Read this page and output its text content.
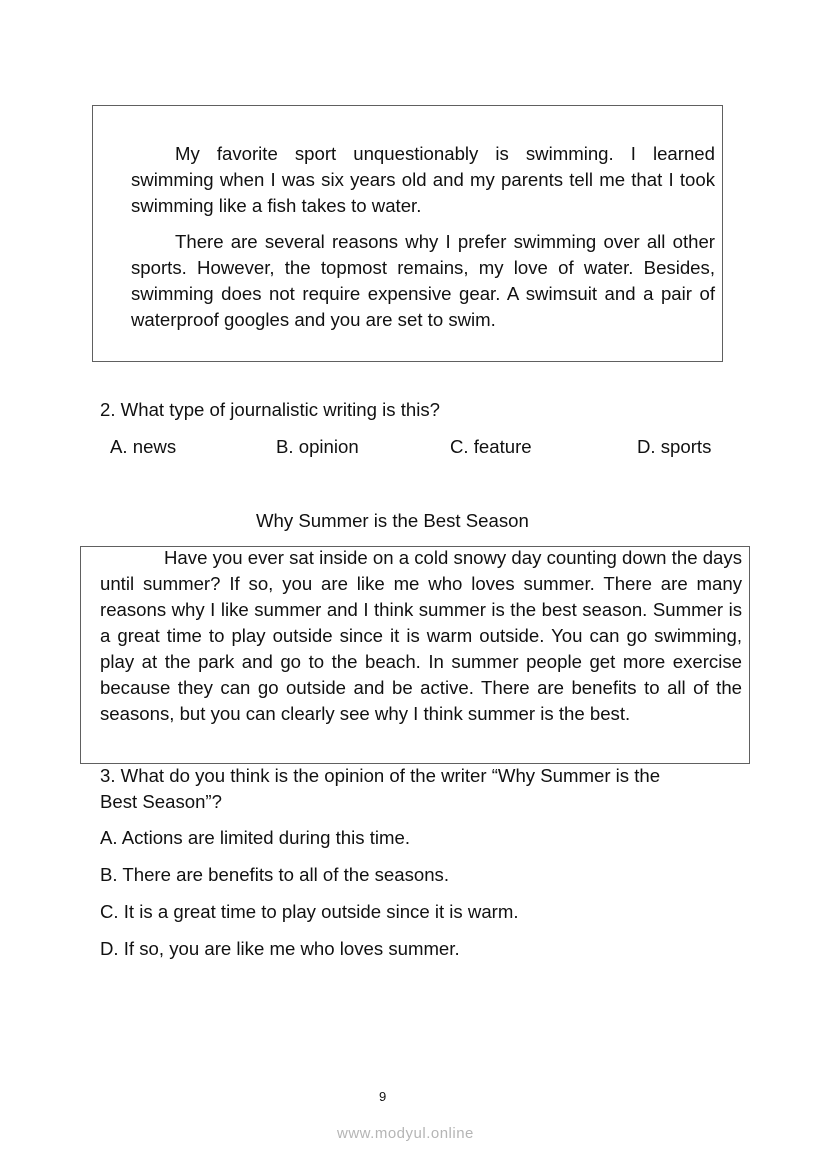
My favorite sport unquestionably is swimming. I learned swimming when I was six years old and my parents tell me that I took swimming like a fish takes to water.

There are several reasons why I prefer swimming over all other sports. However, the topmost remains, my love of water. Besides, swimming does not require expensive gear. A swimsuit and a pair of waterproof googles and you are set to swim.

2. What type of journalistic writing is this?
A. news	B. opinion	C. feature	D. sports
Why Summer is the Best Season

Have you ever sat inside on a cold snowy day counting down the days until summer? If so, you are like me who loves summer. There are many reasons why I like summer and I think summer is the best season. Summer is a great time to play outside since it is warm outside. You can go swimming, play at the park and go to the beach. In summer people get more exercise because they can go outside and be active. There are benefits to all of the seasons, but you can clearly see why I think summer is the best.

3. What do you think is the opinion of the writer “Why Summer is the
Best Season”?
A. Actions are limited during this time.
B. There are benefits to all of the seasons.
C. It is a great time to play outside since it is warm.
D. If so, you are like me who loves summer.
9
www.modyul.online
